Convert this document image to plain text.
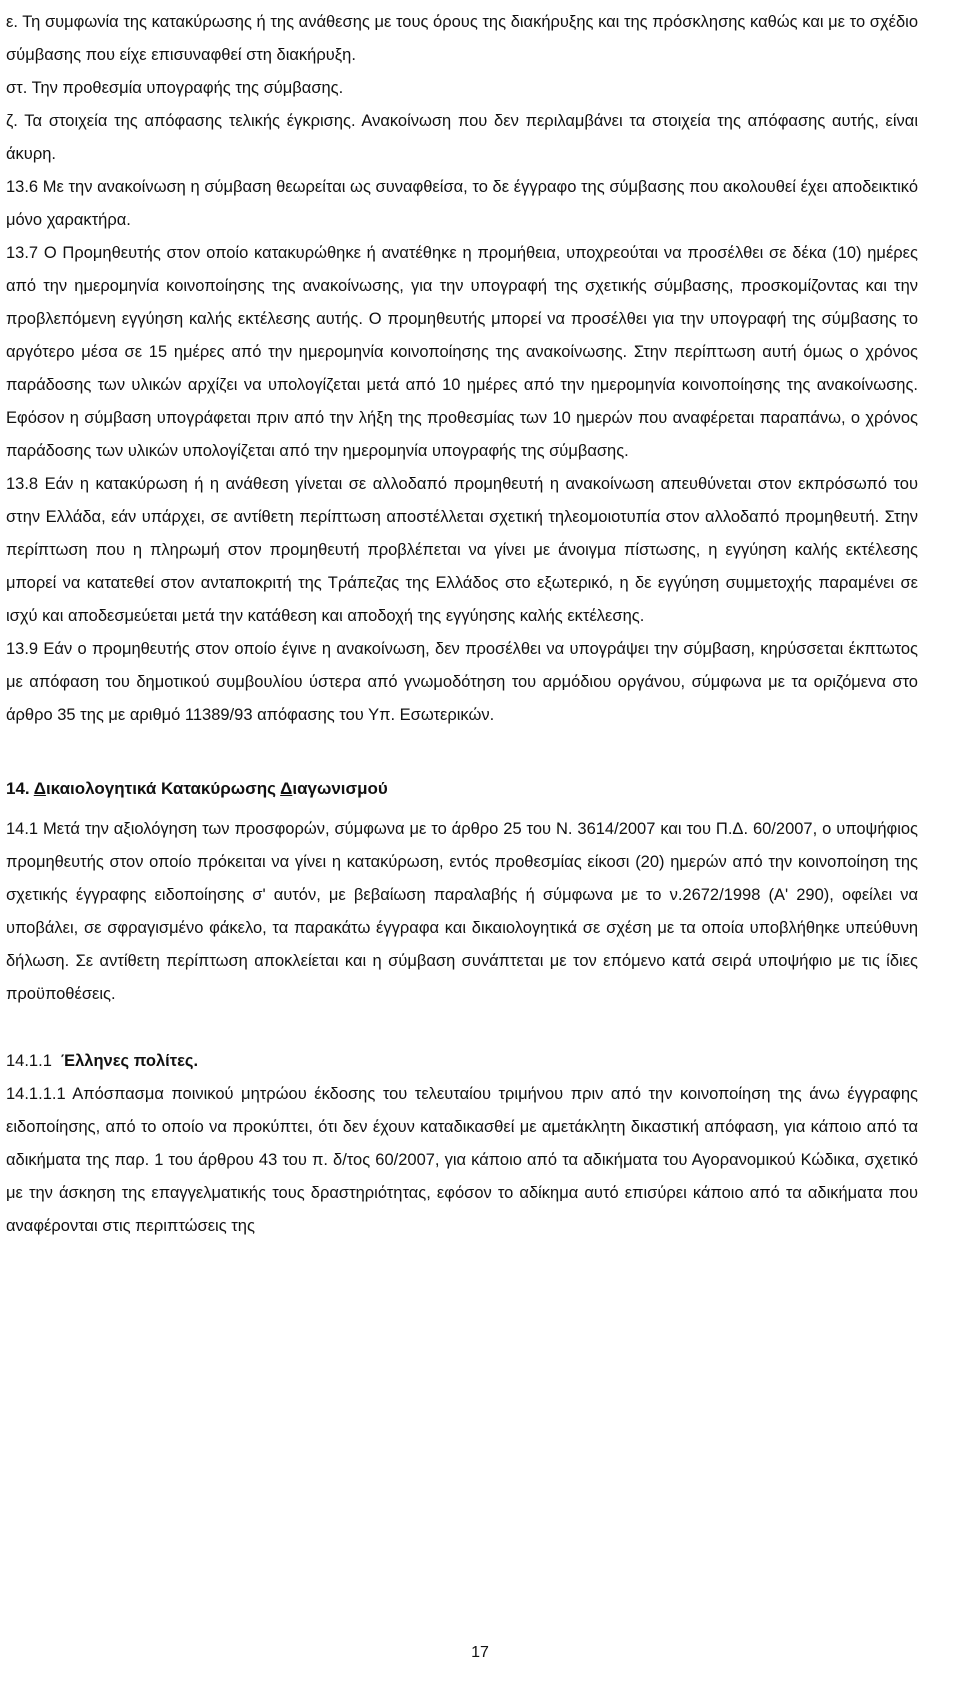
ε. Τη συμφωνία της κατακύρωσης ή της ανάθεσης με τους όρους της διακήρυξης και της πρόσκλησης καθώς και με το σχέδιο σύμβασης που είχε επισυναφθεί στη διακήρυξη.

στ. Την προθεσμία υπογραφής της σύμβασης.

ζ. Τα στοιχεία της απόφασης τελικής έγκρισης. Ανακοίνωση που δεν περιλαμβάνει τα στοιχεία της απόφασης αυτής, είναι άκυρη.

13.6 Με την ανακοίνωση η σύμβαση θεωρείται ως συναφθείσα, το δε έγγραφο της σύμβασης που ακολουθεί έχει αποδεικτικό μόνο χαρακτήρα.

13.7 Ο Προμηθευτής στον οποίο κατακυρώθηκε ή ανατέθηκε η προμήθεια, υποχρεούται να προσέλθει σε δέκα (10) ημέρες από την ημερομηνία κοινοποίησης της ανακοίνωσης, για την υπογραφή της σχετικής σύμβασης, προσκομίζοντας και την προβλεπόμενη εγγύηση καλής εκτέλεσης αυτής. Ο προμηθευτής μπορεί να προσέλθει για την υπογραφή της σύμβασης το αργότερο μέσα σε 15 ημέρες από την ημερομηνία κοινοποίησης της ανακοίνωσης. Στην περίπτωση αυτή όμως ο χρόνος παράδοσης των υλικών αρχίζει να υπολογίζεται μετά από 10 ημέρες από την ημερομηνία κοινοποίησης της ανακοίνωσης. Εφόσον η σύμβαση υπογράφεται πριν από την λήξη της προθεσμίας των 10 ημερών που αναφέρεται παραπάνω, ο χρόνος παράδοσης των υλικών υπολογίζεται από την ημερομηνία υπογραφής της σύμβασης.

13.8 Εάν η κατακύρωση ή η ανάθεση γίνεται σε αλλοδαπό προμηθευτή η ανακοίνωση απευθύνεται στον εκπρόσωπό του στην Ελλάδα, εάν υπάρχει, σε αντίθετη περίπτωση αποστέλλεται σχετική τηλεομοιοτυπία στον αλλοδαπό προμηθευτή. Στην περίπτωση που η πληρωμή στον προμηθευτή προβλέπεται να γίνει με άνοιγμα πίστωσης, η εγγύηση καλής εκτέλεσης μπορεί να κατατεθεί στον ανταποκριτή της Τράπεζας της Ελλάδος στο εξωτερικό, η δε εγγύηση συμμετοχής παραμένει σε ισχύ και αποδεσμεύεται μετά την κατάθεση και αποδοχή της εγγύησης καλής εκτέλεσης.

13.9 Εάν ο προμηθευτής στον οποίο έγινε η ανακοίνωση, δεν προσέλθει να υπογράψει την σύμβαση, κηρύσσεται έκπτωτος με απόφαση του δημοτικού συμβουλίου ύστερα από γνωμοδότηση του αρμόδιου οργάνου, σύμφωνα με τα οριζόμενα στο άρθρο 35 της με αριθμό 11389/93 απόφασης του Υπ. Εσωτερικών.

14. Δικαιολογητικά Κατακύρωσης Διαγωνισμού

14.1 Μετά την αξιολόγηση των προσφορών, σύμφωνα με το άρθρο 25 του Ν. 3614/2007 και του Π.Δ. 60/2007, ο υποψήφιος προμηθευτής στον οποίο πρόκειται να γίνει η κατακύρωση, εντός προθεσμίας είκοσι (20) ημερών από την κοινοποίηση της σχετικής έγγραφης ειδοποίησης σ' αυτόν, με βεβαίωση παραλαβής ή σύμφωνα με το ν.2672/1998 (Α' 290), οφείλει να υποβάλει, σε σφραγισμένο φάκελο, τα παρακάτω έγγραφα και δικαιολογητικά σε σχέση με τα οποία υποβλήθηκε υπεύθυνη δήλωση. Σε αντίθετη περίπτωση αποκλείεται και η σύμβαση συνάπτεται με τον επόμενο κατά σειρά υποψήφιο με τις ίδιες προϋποθέσεις.

14.1.1 Έλληνες πολίτες.

14.1.1.1 Απόσπασμα ποινικού μητρώου έκδοσης του τελευταίου τριμήνου πριν από την κοινοποίηση της άνω έγγραφης ειδοποίησης, από το οποίο να προκύπτει, ότι δεν έχουν καταδικασθεί με αμετάκλητη δικαστική απόφαση, για κάποιο από τα αδικήματα της παρ. 1 του άρθρου 43 του π. δ/τος 60/2007, για κάποιο από τα αδικήματα του Αγορανομικού Κώδικα, σχετικό με την άσκηση της επαγγελματικής τους δραστηριότητας, εφόσον το αδίκημα αυτό επισύρει κάποιο από τα αδικήματα που αναφέρονται στις περιπτώσεις της

17
